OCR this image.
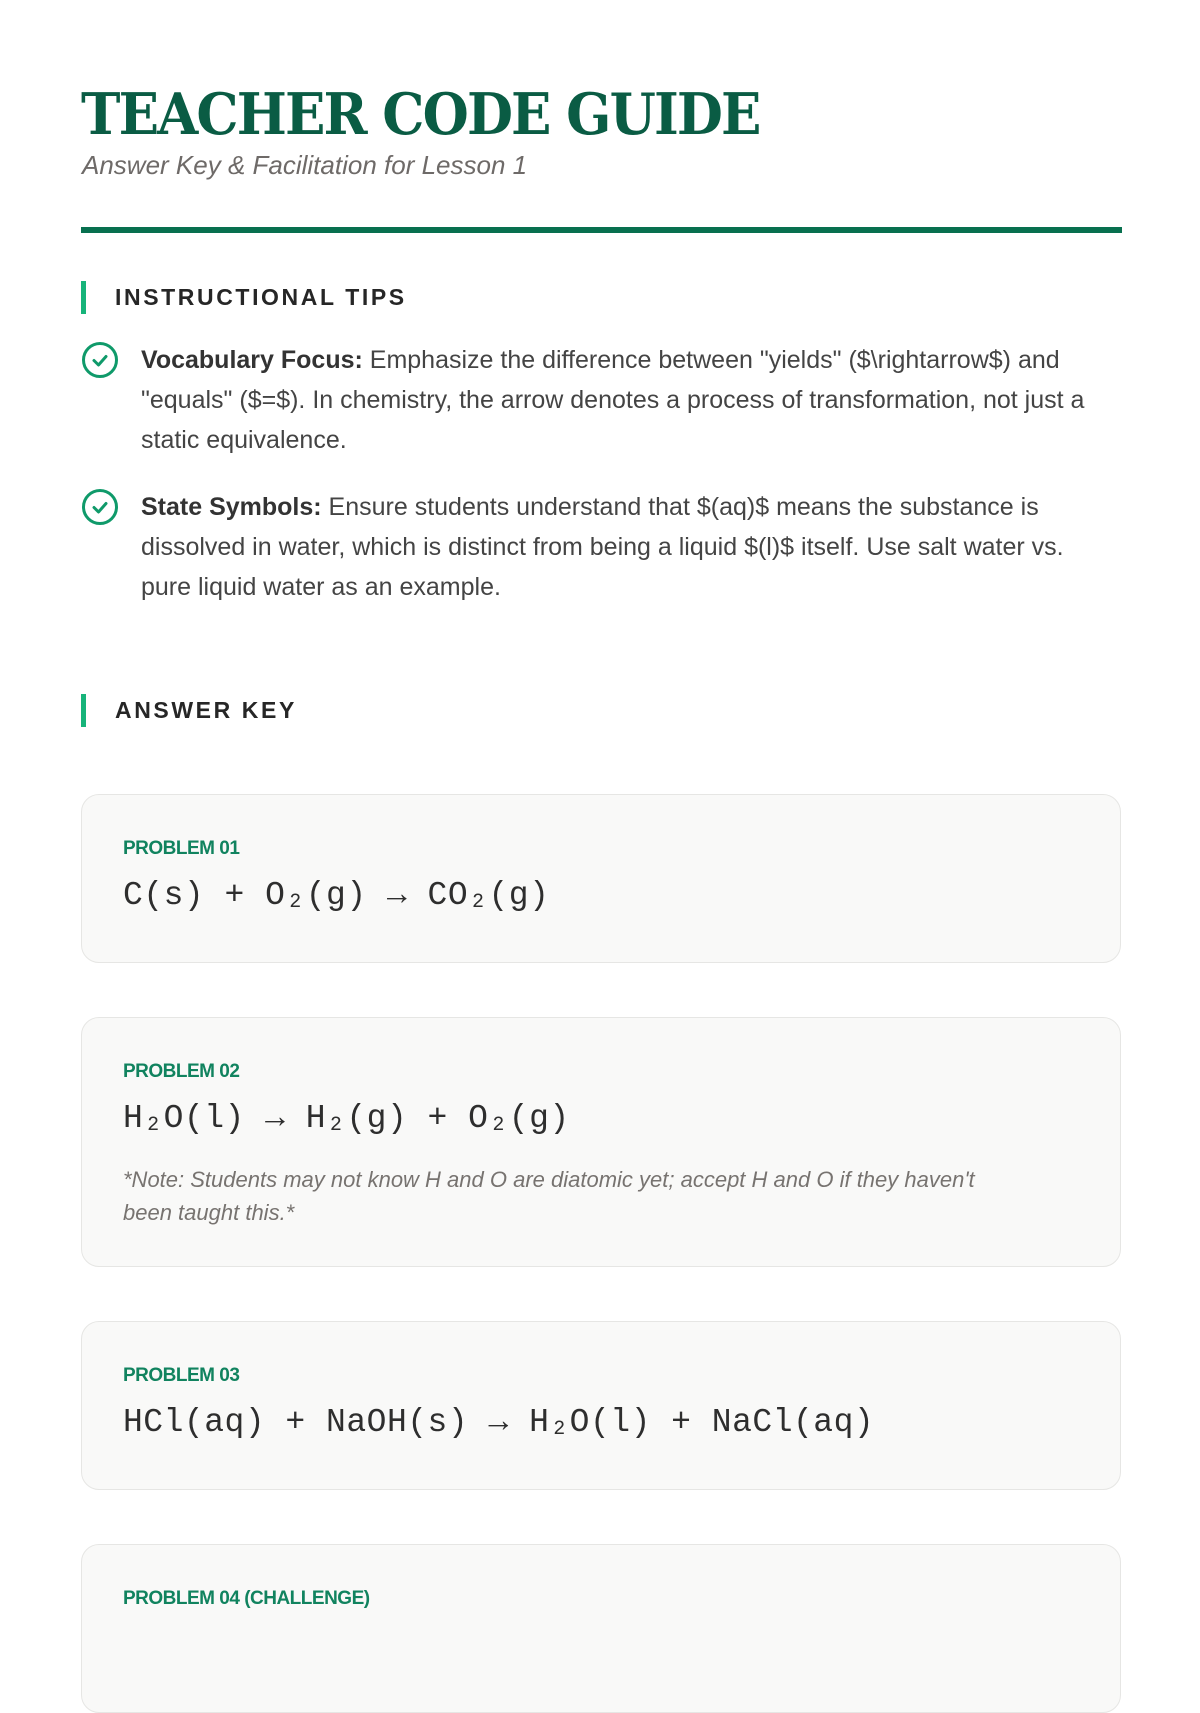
TEACHER CODE GUIDE
Answer Key & Facilitation for Lesson 1
INSTRUCTIONAL TIPS
Vocabulary Focus: Emphasize the difference between "yields" ($\rightarrow$) and "equals" ($=$). In chemistry, the arrow denotes a process of transformation, not just a static equivalence.
State Symbols: Ensure students understand that $(aq)$ means the substance is dissolved in water, which is distinct from being a liquid $(l)$ itself. Use salt water vs. pure liquid water as an example.
ANSWER KEY
PROBLEM 01
C(s) + O₂(g) → CO₂(g)
PROBLEM 02
H₂O(l) → H₂(g) + O₂(g)
*Note: Students may not know H and O are diatomic yet; accept H and O if they haven't been taught this.*
PROBLEM 03
HCl(aq) + NaOH(s) → H₂O(l) + NaCl(aq)
PROBLEM 04 (CHALLENGE)
